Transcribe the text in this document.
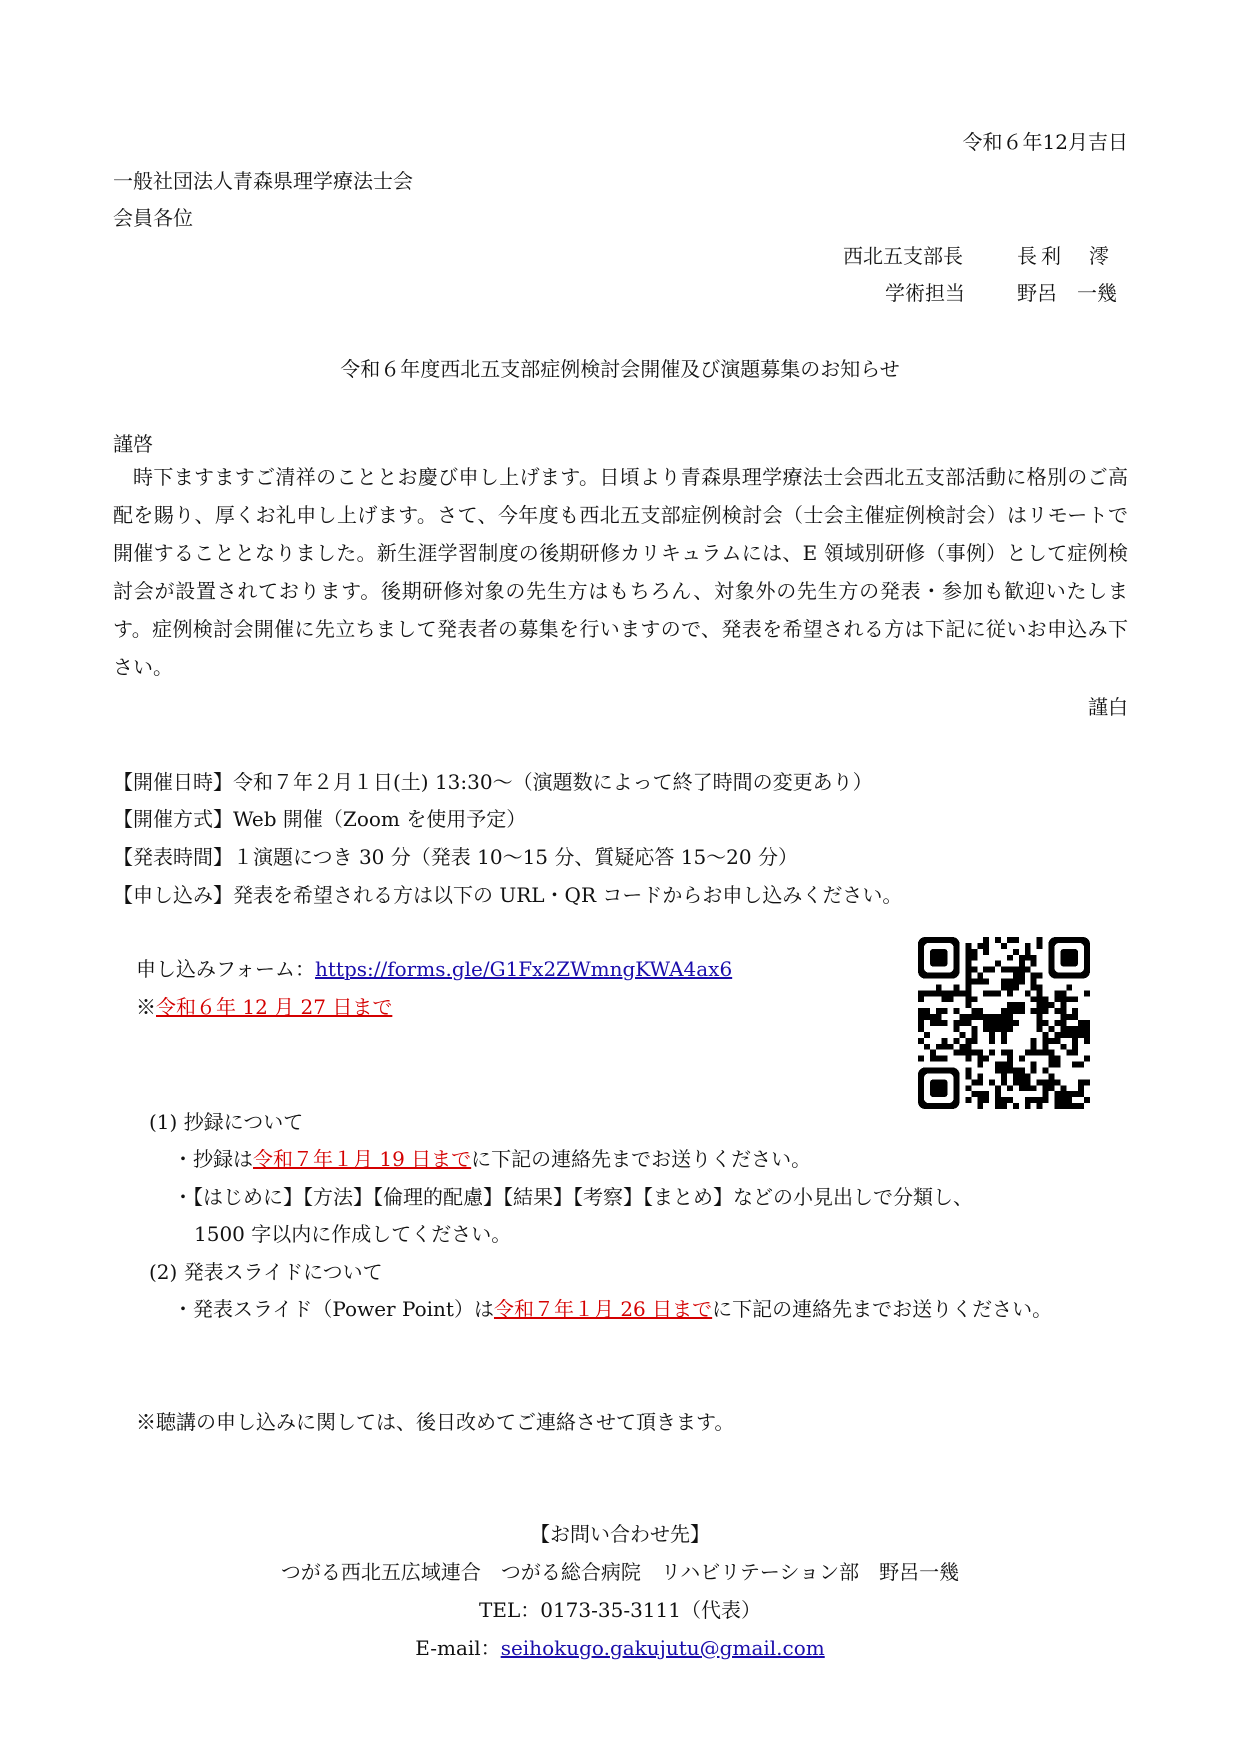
令和６年12月吉日
一般社団法人青森県理学療法士会
会員各位
西北五支部長	長利　澪
学術担当	野呂　一幾
令和６年度西北五支部症例検討会開催及び演題募集のお知らせ
謹啓
時下ますますご清祥のこととお慶び申し上げます。日頃より青森県理学療法士会西北五支部活動に格別のご高配を賜り、厚くお礼申し上げます。さて、今年度も西北五支部症例検討会（士会主催症例検討会）はリモートで開催することとなりました。新生涯学習制度の後期研修カリキュラムには、E 領域別研修（事例）として症例検討会が設置されております。後期研修対象の先生方はもちろん、対象外の先生方の発表・参加も歓迎いたします。症例検討会開催に先立ちまして発表者の募集を行いますので、発表を希望される方は下記に従いお申込み下さい。
謹白
【開催日時】令和７年２月１日(土) 13:30～（演題数によって終了時間の変更あり）
【開催方式】Web 開催（Zoom を使用予定）
【発表時間】１演題につき 30 分（発表 10～15 分、質疑応答 15～20 分）
【申し込み】発表を希望される方は以下の URL・QR コードからお申し込みください。
申し込みフォーム：https://forms.gle/G1Fx2ZWmngKWA4ax6
※令和６年 12 月 27 日まで
(1) 抄録について
・抄録は令和７年１月 19 日までに下記の連絡先までお送りください。
・【はじめに】【方法】【倫理的配慮】【結果】【考察】【まとめ】などの小見出しで分類し、
1500 字以内に作成してください。
(2) 発表スライドについて
・発表スライド（Power Point）は令和７年１月 26 日までに下記の連絡先までお送りください。
※聴講の申し込みに関しては、後日改めてご連絡させて頂きます。
【お問い合わせ先】
つがる西北五広域連合　つがる総合病院　リハビリテーション部　野呂一幾
TEL：0173-35-3111（代表）
E-mail：seihokugo.gakujutu@gmail.com
